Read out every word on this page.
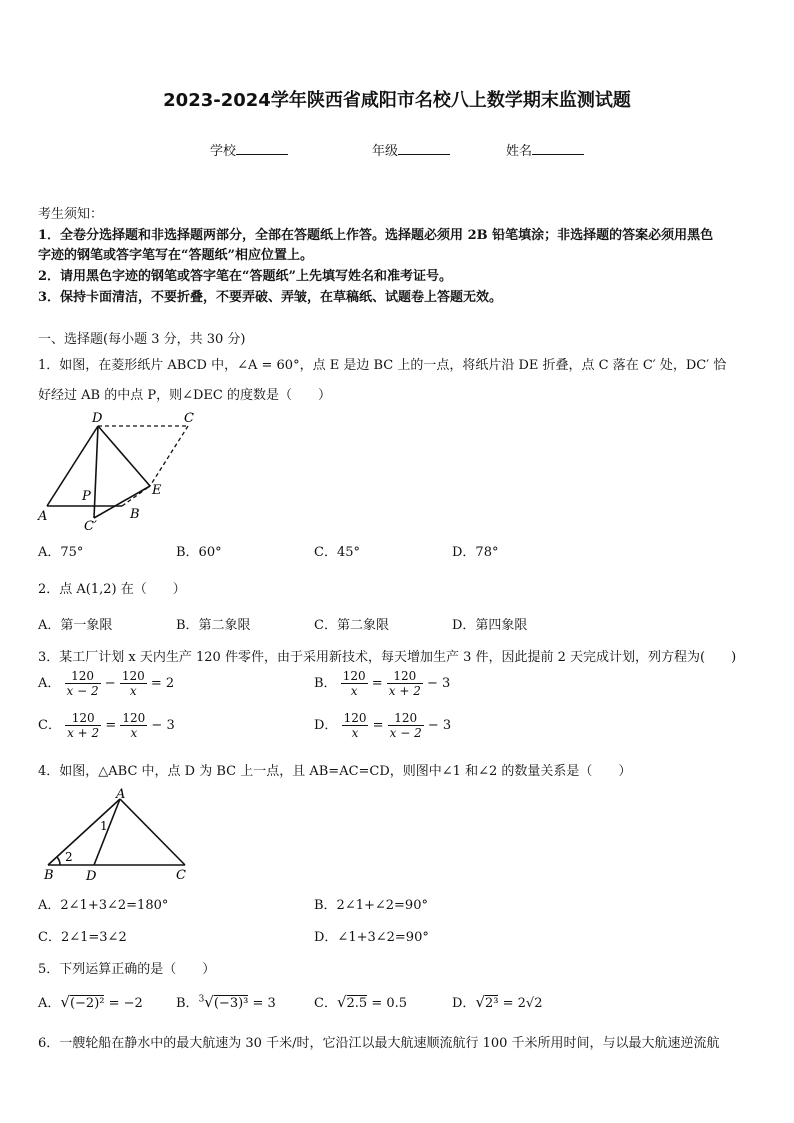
2023-2024学年陕西省咸阳市名校八上数学期末监测试题
学校	年级	姓名
考生须知：
1．全卷分选择题和非选择题两部分，全部在答题纸上作答。选择题必须用 2B 铅笔填涂；非选择题的答案必须用黑色
字迹的钢笔或答字笔写在“答题纸”相应位置上。
2．请用黑色字迹的钢笔或答字笔在“答题纸”上先填写姓名和准考证号。
3．保持卡面清洁，不要折叠，不要弄破、弄皱，在草稿纸、试题卷上答题无效。
一、选择题(每小题 3 分，共 30 分)
1．如图，在菱形纸片 ABCD 中，∠A = 60°，点 E 是边 BC 上的一点，将纸片沿 DE 折叠，点 C 落在 C′ 处，DC′ 恰
好经过 AB 的中点 P，则∠DEC 的度数是（　　）
D	C
P	E
A
C′
B
A．75°	B．60°	C．45°	D．78°
2．点 A(1,2) 在（　　）
A．第一象限	B．第二象限	C．第二象限	D．第四象限
3．某工厂计划 x 天内生产 120 件零件，由于采用新技术，每天增加生产 3 件，因此提前 2 天完成计划，列方程为(　　)
A． $\frac{120}{x - 2} - \frac{120}{x} = 2$	B． $\frac{120}{x} = \frac{120}{x + 2} - 3$
C． $\frac{120}{x + 2} = \frac{120}{x} - 3$	D． $\frac{120}{x} = \frac{120}{x - 2} - 3$
4．如图，△ABC 中，点 D 为 BC 上一点，且 AB=AC=CD，则图中∠1 和∠2 的数量关系是（　　）
A
1
2
B D	C
A．2∠1+3∠2=180°	B．2∠1+∠2=90°
C．2∠1=3∠2	D．∠1+3∠2=90°
5．下列运算正确的是（　　）
A．√(−2)² = −2	B．$^3$√(−3)³ = 3	C．√2.5 = 0.5	D．√2³ = 2√2
6．一艘轮船在静水中的最大航速为 30 千米/时，它沿江以最大航速顺流航行 100 千米所用时间，与以最大航速逆流航
